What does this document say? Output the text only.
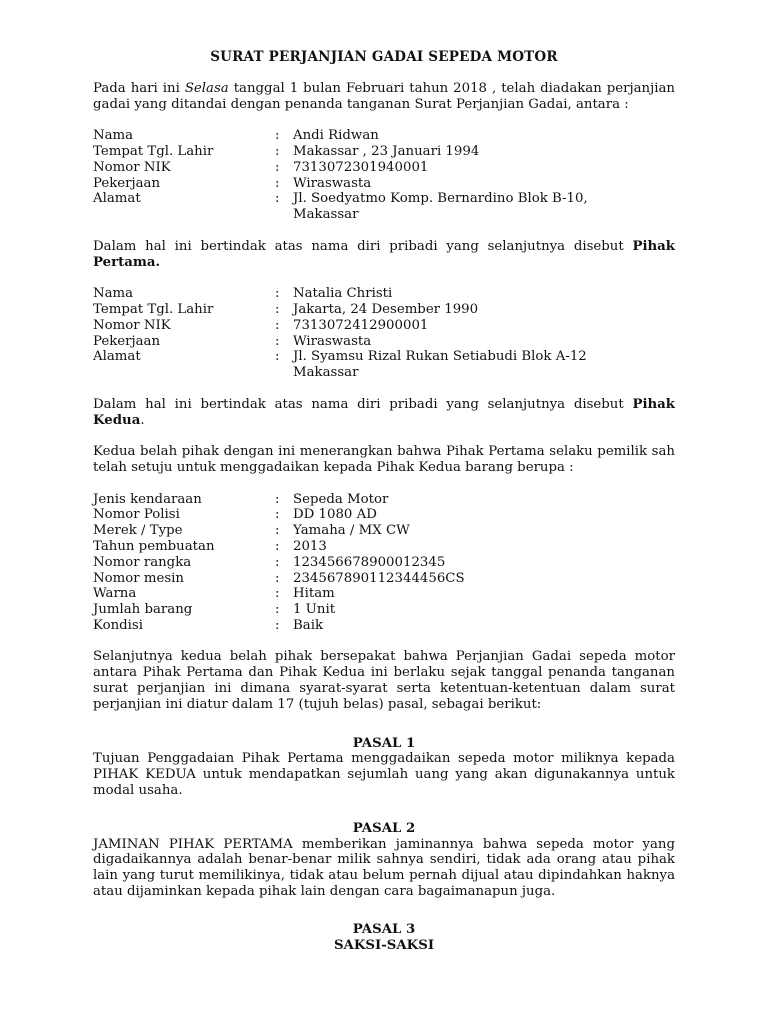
SURAT PERJANJIAN GADAI SEPEDA MOTOR

Pada hari ini Selasa tanggal 1 bulan Februari tahun 2018 , telah diadakan perjanjian gadai yang ditandai dengan penanda tanganan Surat Perjanjian Gadai, antara :

Nama	:	Andi Ridwan
Tempat Tgl. Lahir	:	Makassar , 23 Januari 1994
Nomor NIK	:	7313072301940001
Pekerjaan	:	Wiraswasta
Alamat	:	Jl. Soedyatmo Komp. Bernardino Blok B-10,
Makassar

Dalam hal ini bertindak atas nama diri pribadi yang selanjutnya disebut Pihak Pertama.

Nama	:	Natalia Christi
Tempat Tgl. Lahir	:	Jakarta, 24 Desember 1990
Nomor NIK	:	7313072412900001
Pekerjaan	:	Wiraswasta
Alamat	:	Jl. Syamsu Rizal Rukan Setiabudi Blok A-12
Makassar

Dalam hal ini bertindak atas nama diri pribadi yang selanjutnya disebut Pihak Kedua.

Kedua belah pihak dengan ini menerangkan bahwa Pihak Pertama selaku pemilik sah telah setuju untuk menggadaikan kepada Pihak Kedua barang berupa :

Jenis kendaraan	:	Sepeda Motor
Nomor Polisi	:	DD 1080 AD
Merek / Type	:	Yamaha / MX CW
Tahun pembuatan	:	2013
Nomor rangka	:	123456678900012345
Nomor mesin	:	234567890112344456CS
Warna	:	Hitam
Jumlah barang	:	1 Unit
Kondisi	:	Baik

Selanjutnya kedua belah pihak bersepakat bahwa Perjanjian Gadai sepeda motor antara Pihak Pertama dan Pihak Kedua ini berlaku sejak tanggal penanda tanganan surat perjanjian ini dimana syarat-syarat serta ketentuan-ketentuan dalam surat perjanjian ini diatur dalam 17 (tujuh belas) pasal, sebagai berikut:

PASAL 1

Tujuan Penggadaian Pihak Pertama menggadaikan sepeda motor miliknya kepada PIHAK KEDUA untuk mendapatkan sejumlah uang yang akan digunakannya untuk modal usaha.

PASAL 2

JAMINAN PIHAK PERTAMA memberikan jaminannya bahwa sepeda motor yang digadaikannya adalah benar-benar milik sahnya sendiri, tidak ada orang atau pihak lain yang turut memilikinya, tidak atau belum pernah dijual atau dipindahkan haknya atau dijaminkan kepada pihak lain dengan cara bagaimanapun juga.

PASAL 3
SAKSI-SAKSI
